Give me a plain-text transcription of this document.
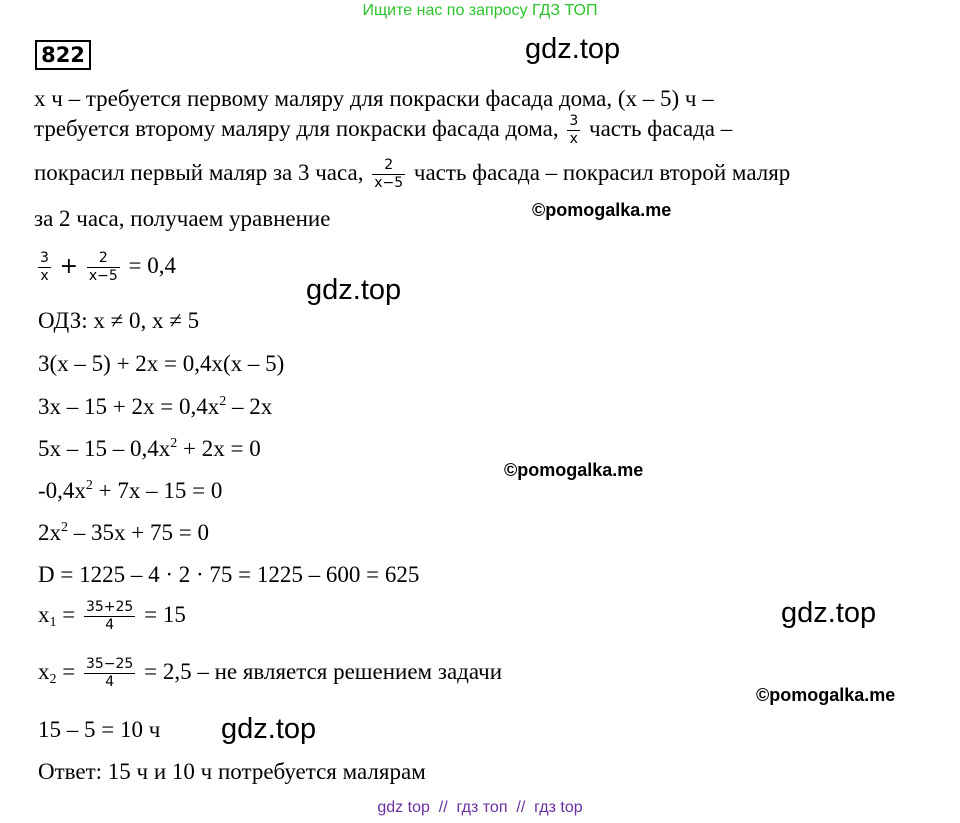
Ищите нас по запросу ГДЗ ТОП
822	gdz.top
gdz.top
gdz.top
gdz.top
©pomogalka.me
©pomogalka.me
©pomogalka.me
x ч – требуется первому маляру для покраски фасада дома, (x – 5) ч –
требуется второму маляру для покраски фасада дома, $\frac{3}{x}$ часть фасада –
покрасил первый маляр за 3 часа, $\frac{2}{x-5}$ часть фасада – покрасил второй маляр
за 2 часа, получаем уравнение
$\frac{3}{x} + \frac{2}{x-5} = 0,4$
ОДЗ: x ≠ 0, x ≠ 5
3(x – 5) + 2x = 0,4x(x – 5)
$3x - 15 + 2x = 0,4x^2 - 2x$
$5x - 15 - 0,4x^2 + 2x = 0$
$-0,4x^2 + 7x - 15 = 0$
$2x^2 - 35x + 75 = 0$
D = 1225 – 4 · 2 · 75 = 1225 – 600 = 625
$x_1 = \frac{35+25}{4} = 15$
$x_2 = \frac{35-25}{4} = 2,5$ – не является решением задачи
15 – 5 = 10 ч
Ответ: 15 ч и 10 ч потребуется малярам
gdz top  //  гдз топ  //  гдз top
